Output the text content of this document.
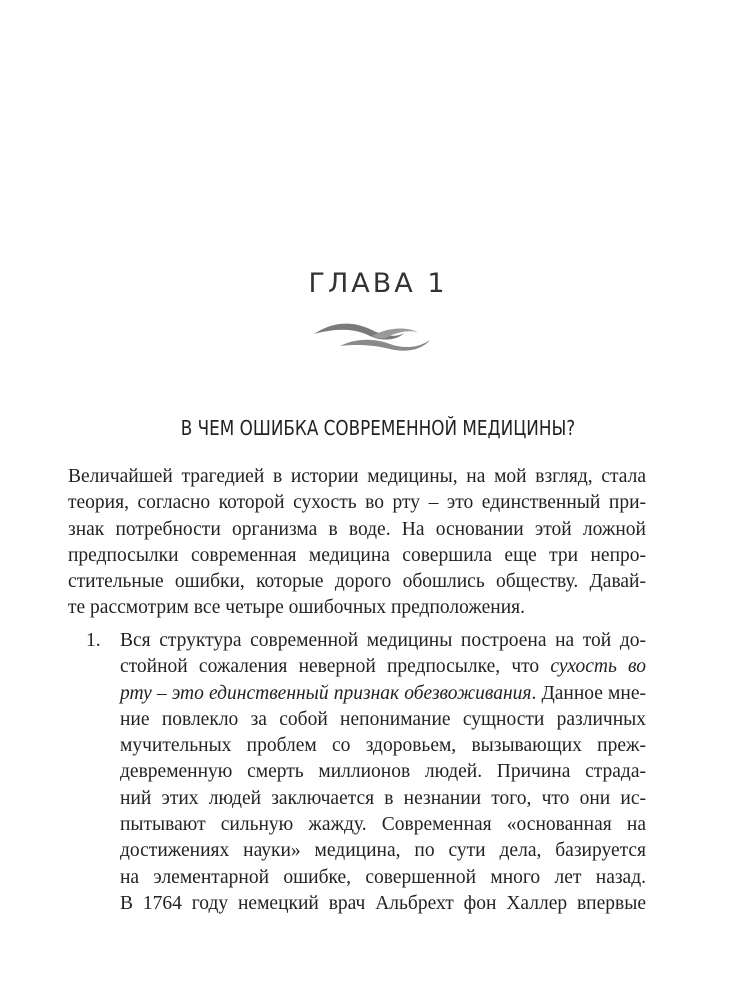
ГЛАВА 1
В ЧЕМ ОШИБКА СОВРЕМЕННОЙ МЕДИЦИНЫ?

Величайшей трагедией в истории медицины, на мой взгляд, стала
теория, согласно которой сухость во рту – это единственный при-
знак потребности организма в воде. На основании этой ложной
предпосылки современная медицина совершила еще три непро-
стительные ошибки, которые дорого обошлись обществу. Давай-
те рассмотрим все четыре ошибочных предположения.

1. Вся структура современной медицины построена на той до-
стойной сожаления неверной предпосылке, что сухость во
рту – это единственный признак обезвоживания. Данное мне-
ние повлекло за собой непонимание сущности различных
мучительных проблем со здоровьем, вызывающих преж-
девременную смерть миллионов людей. Причина страда-
ний этих людей заключается в незнании того, что они ис-
пытывают сильную жажду. Современная «основанная на
достижениях науки» медицина, по сути дела, базируется
на элементарной ошибке, совершенной много лет назад.
В 1764 году немецкий врач Альбрехт фон Халлер впервые
